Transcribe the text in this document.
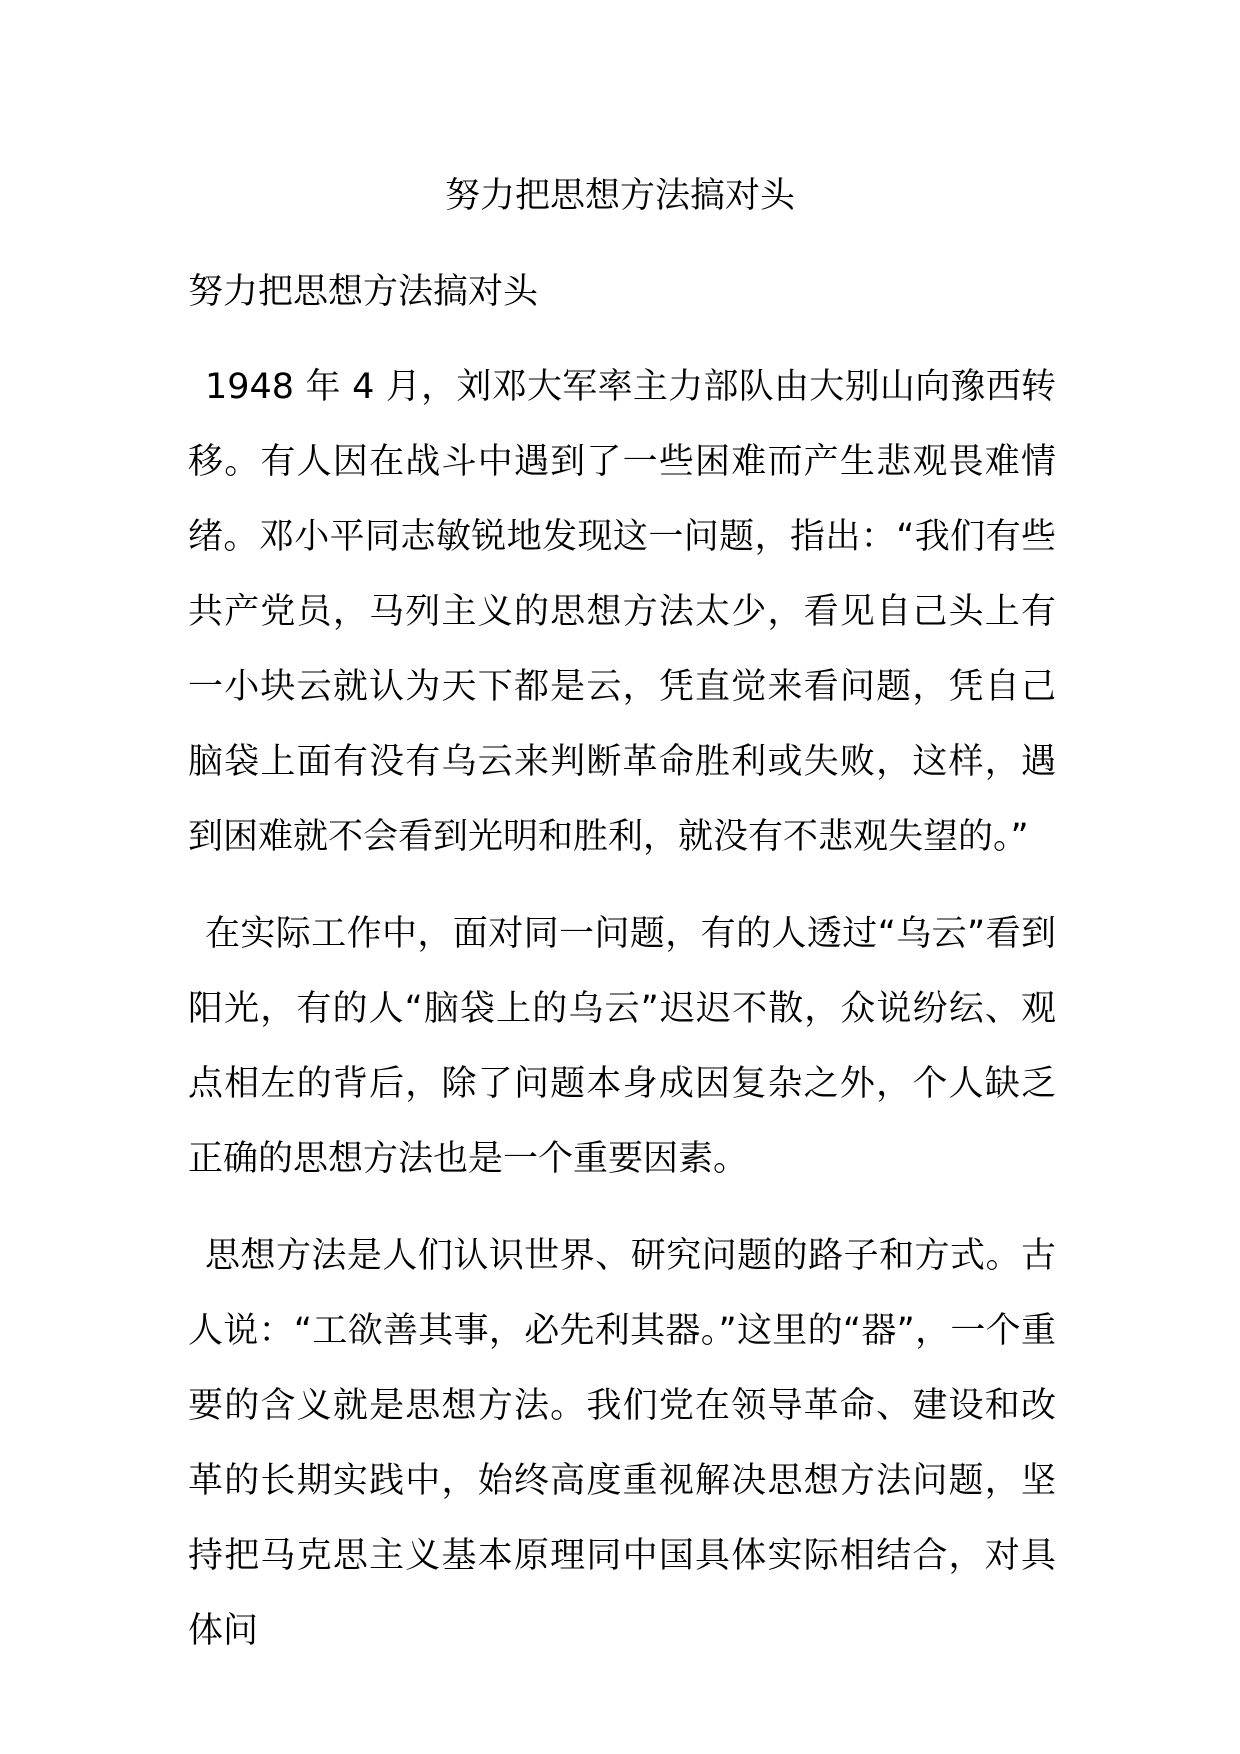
努力把思想方法搞对头
努力把思想方法搞对头

1948 年 4 月，刘邓大军率主力部队由大别山向豫西转移。有人因在战斗中遇到了一些困难而产生悲观畏难情绪。邓小平同志敏锐地发现这一问题，指出：“我们有些共产党员，马列主义的思想方法太少，看见自己头上有一小块云就认为天下都是云，凭直觉来看问题，凭自己脑袋上面有没有乌云来判断革命胜利或失败，这样，遇到困难就不会看到光明和胜利，就没有不悲观失望的。”

在实际工作中，面对同一问题，有的人透过“乌云”看到阳光，有的人“脑袋上的乌云”迟迟不散，众说纷纭、观点相左的背后，除了问题本身成因复杂之外，个人缺乏正确的思想方法也是一个重要因素。

思想方法是人们认识世界、研究问题的路子和方式。古人说：“工欲善其事，必先利其器。”这里的“器”，一个重要的含义就是思想方法。我们党在领导革命、建设和改革的长期实践中，始终高度重视解决思想方法问题，坚持把马克思主义基本原理同中国具体实际相结合，对具体问
